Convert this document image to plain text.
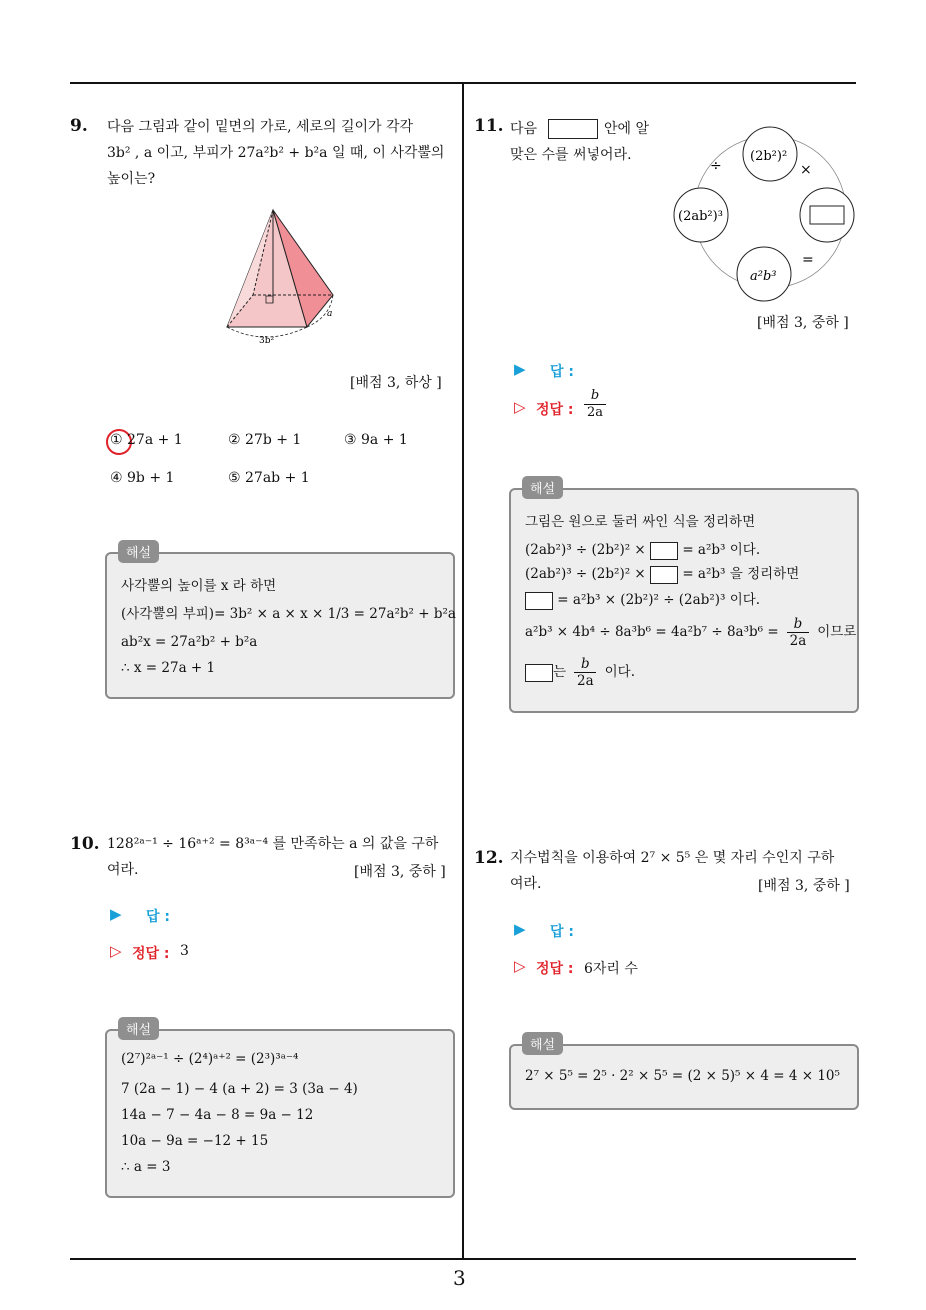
3
9. 다음 그림과 같이 밑면의 가로, 세로의 길이가 각각
3b² , a 이고, 부피가 27a²b² + b²a 일 때, 이 사각뿔의
높이는?
a
3b²
[배점 3, 하상 ]
① 27a + 1	② 27b + 1	③ 9a + 1
④ 9b + 1	⑤ 27ab + 1
사각뿔의 높이를 x 라 하면
(사각뿔의 부피)= 3b² × a × x × 1/3 = 27a²b² + b²a
ab²x = 27a²b² + b²a
∴ x = 27a + 1
해설
10. 128²ᵃ⁻¹ ÷ 16ᵃ⁺² = 8³ᵃ⁻⁴ 를 만족하는 a 의 값을 구하
여라.	[배점 3, 중하 ]
▶ 답 :
▷ 정답 : 3
(2⁷)²ᵃ⁻¹ ÷ (2⁴)ᵃ⁺² = (2³)³ᵃ⁻⁴
7 (2a − 1) − 4 (a + 2) = 3 (3a − 4)
14a − 7 − 4a − 8 = 9a − 12
10a − 9a = −12 + 15
∴ a = 3
해설
11. 다음	안에 알
맞은 수를 써넣어라.	(2b²)²
(2ab²)³
a²b³
÷	×
=
[배점 3, 중하 ]
▶ 답 :
▷ 정답 : $\frac{b}{2a}$
그림은 원으로 둘러 싸인 식을 정리하면
(2ab²)³ ÷ (2b²)² ×	= a²b³ 이다.
(2ab²)³ ÷ (2b²)² ×	= a²b³ 을 정리하면
= a²b³ × (2b²)² ÷ (2ab²)³ 이다.
$a^2b^3 \times 4b^4 \div 8a^3b^6 = 4a^2b^7 \div 8a^3b^6 = \frac{b}{2a}$ 이므로
는 $\frac{b}{2a}$ 이다.
해설
12. 지수법칙을 이용하여 2⁷ × 5⁵ 은 몇 자리 수인지 구하
여라.	[배점 3, 중하 ]
▶ 답 :
▷ 정답 : 6자리 수
2⁷ × 5⁵ = 2⁵ · 2² × 5⁵ = (2 × 5)⁵ × 4 = 4 × 10⁵
해설
